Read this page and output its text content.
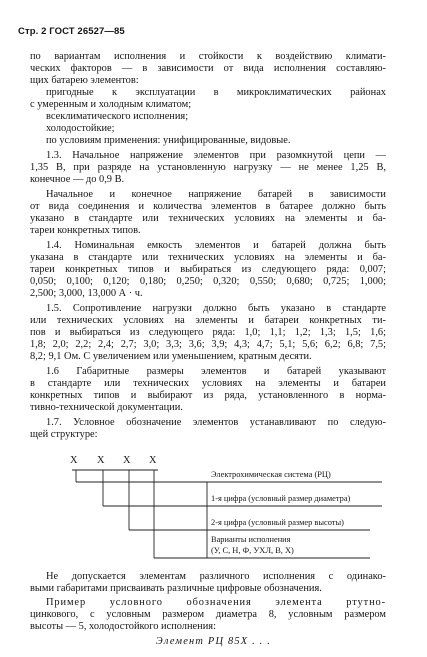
Стр. 2 ГОСТ 26527—85
по вариантам исполнения и стойкости к воздействию климати-
ческих факторов — в зависимости от вида исполнения составляю-
щих батарею элементов:
пригодные к эксплуатации в микроклиматических районах
с умеренным и холодным климатом;
всеклиматического исполнения;
холодостойкие;
по условиям применения: унифицированные, видовые.
1.3. Начальное напряжение элементов при разомкнутой цепи —
1,35 В, при разряде на установленную нагрузку — не менее 1,25 В,
конечное — до 0,9 В.
Начальное и конечное напряжение батарей в зависимости
от вида соединения и количества элементов в батарее должно быть
указано в стандарте или технических условиях на элементы и ба-
тареи конкретных типов.
1.4. Номинальная емкость элементов и батарей должна быть
указана в стандарте или технических условиях на элементы и ба-
тареи конкретных типов и выбираться из следующего ряда: 0,007;
0,050; 0,100; 0,120; 0,180; 0,250; 0,320; 0,550; 0,680; 0,725; 1,000;
2,500; 3,000, 13,000 А · ч.
1.5. Сопротивление нагрузки должно быть указано в стандарте
или технических условиях на элементы и батареи конкретных ти-
пов и выбираться из следующего ряда: 1,0; 1,1; 1,2; 1,3; 1,5; 1,6;
1,8; 2,0; 2,2; 2,4; 2,7; 3,0; 3,3; 3,6; 3,9; 4,3; 4,7; 5,1; 5,6; 6,2; 6,8; 7,5;
8,2; 9,1 Ом. С увеличением или уменьшением, кратным десяти.
1.6 Габаритные размеры элементов и батарей указывают
в стандарте или технических условиях на элементы и батареи
конкретных типов и выбирают из ряда, установленного в норма-
тивно-технической документации.
1.7. Условное обозначение элементов устанавливают по следую-
щей структуре:
X X X X
Электрохимическая система (РЦ)
1-я цифра (условный размер диаметра)
2-я цифра (условный размер высоты)
Варианты исполнения
(У, С, Н, Ф, УХЛ, В, Х)
Не допускается элементам различного исполнения с одинако-
выми габаритами присваивать различные цифровые обозначения.
Пример условного обозначения элемента ртутно-
цинкового, с условным размером диаметра 8, условным размером
высоты — 5, холодостойкого исполнения:
Элемент РЦ 85Х . . .
